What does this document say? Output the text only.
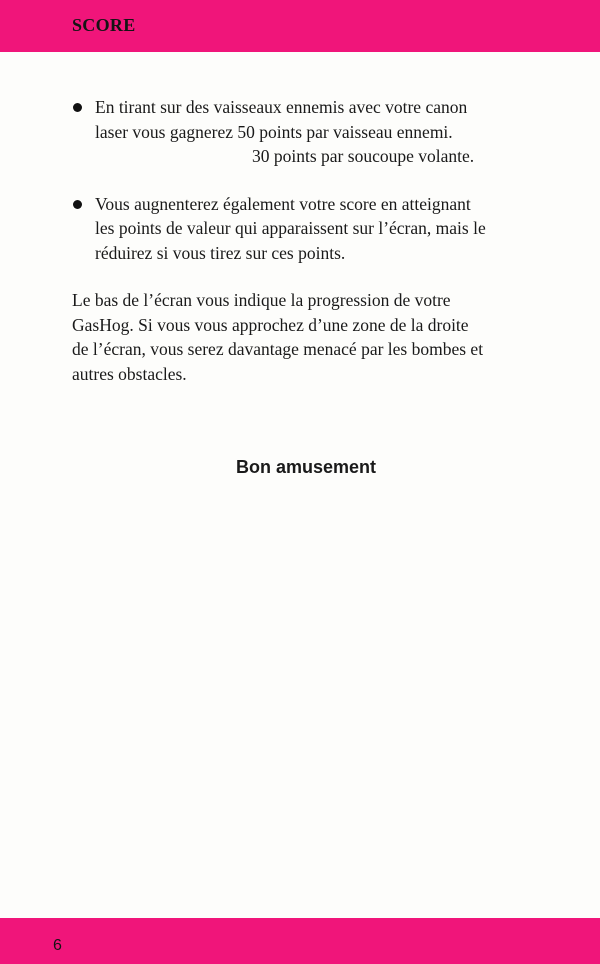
SCORE
En tirant sur des vaisseaux ennemis avec votre canon
laser vous gagnerez 50 points par vaisseau ennemi.
30 points par soucoupe volante.
Vous augnenterez également votre score en atteignant
les points de valeur qui apparaissent sur l’écran, mais le
réduirez si vous tirez sur ces points.
Le bas de l’écran vous indique la progression de votre
GasHog. Si vous vous approchez d’une zone de la droite
de l’écran, vous serez davantage menacé par les bombes et
autres obstacles.
Bon amusement
6
